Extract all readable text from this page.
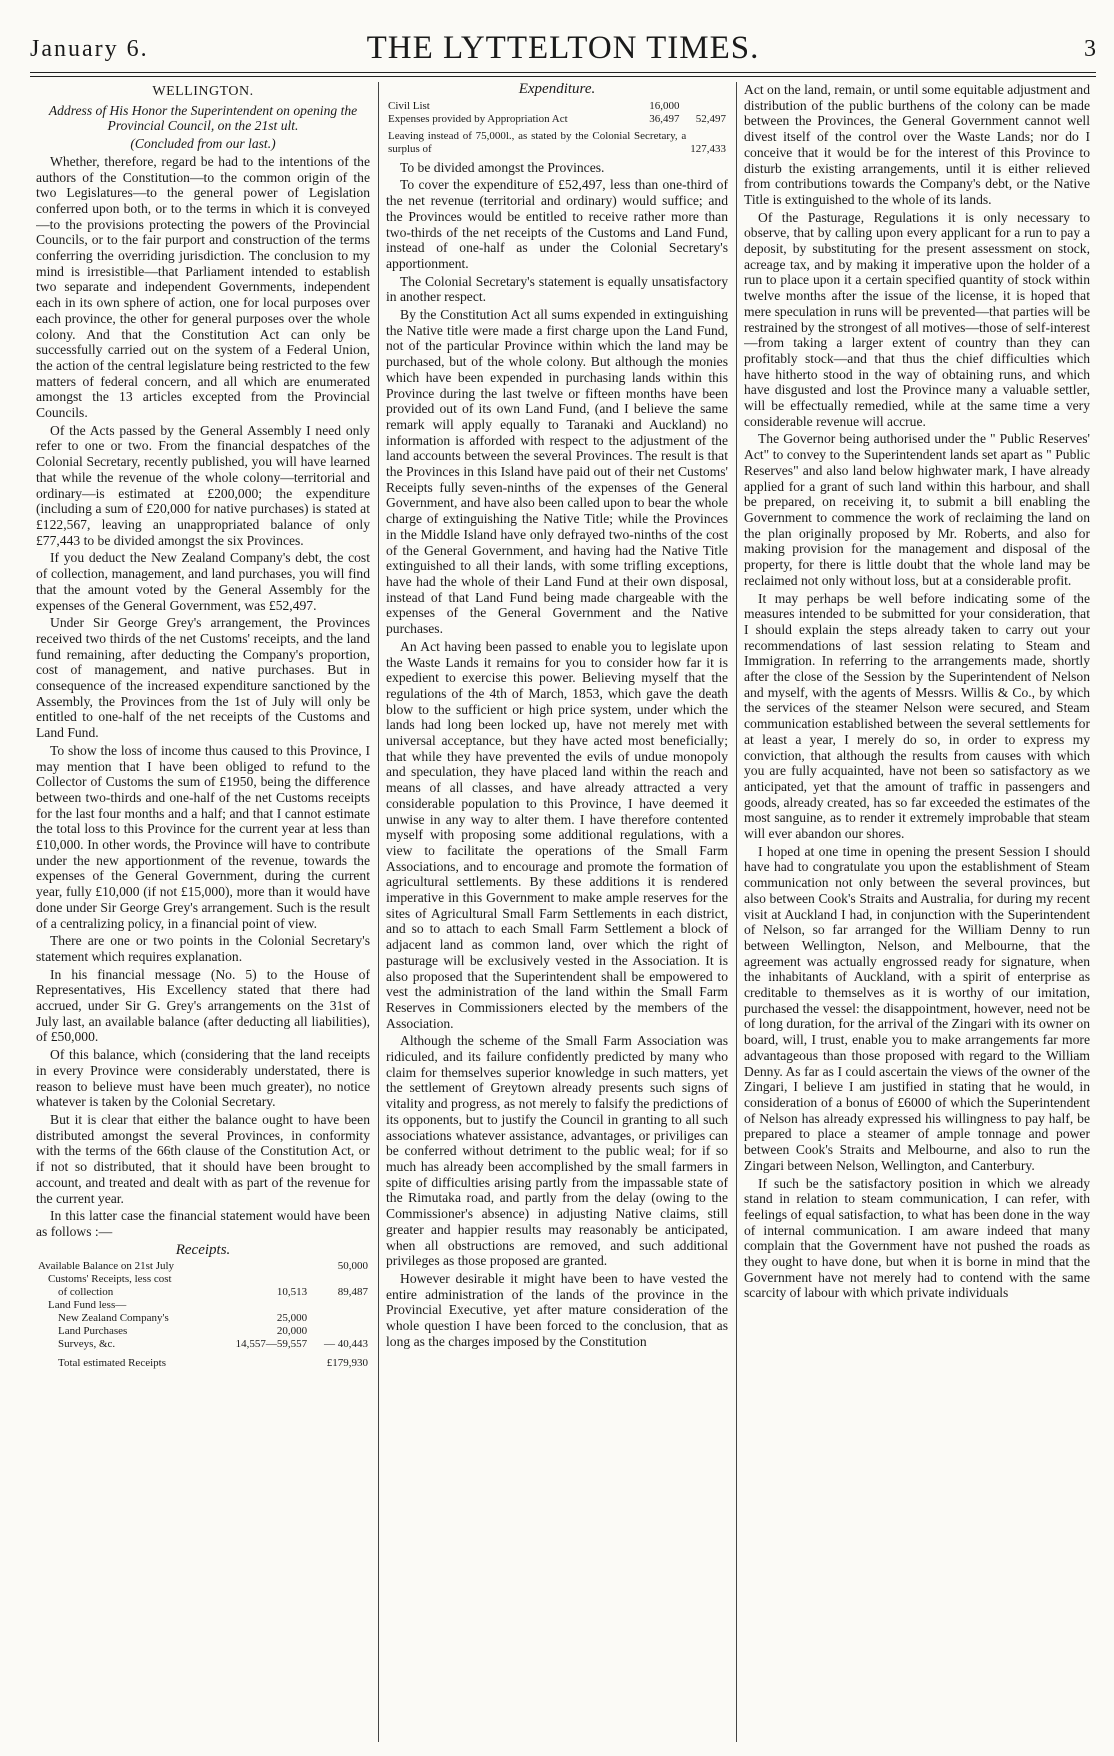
January 6.	THE LYTTELTON TIMES.	3
WELLINGTON.

Address of His Honor the Superintendent on opening the Provincial Council, on the 21st ult.

(Concluded from our last.)

Whether, therefore, regard be had to the intentions of the authors of the Constitution—to the common origin of the two Legislatures—to the general power of Legislation conferred upon both, or to the terms in which it is conveyed—to the provisions protecting the powers of the Provincial Councils, or to the fair purport and construction of the terms conferring the overriding jurisdiction. The conclusion to my mind is irresistible—that Parliament intended to establish two separate and independent Governments, independent each in its own sphere of action, one for local purposes over each province, the other for general purposes over the whole colony. And that the Constitution Act can only be successfully carried out on the system of a Federal Union, the action of the central legislature being restricted to the few matters of federal concern, and all which are enumerated amongst the 13 articles excepted from the Provincial Councils.

Of the Acts passed by the General Assembly I need only refer to one or two. From the financial despatches of the Colonial Secretary, recently published, you will have learned that while the revenue of the whole colony—territorial and ordinary—is estimated at £200,000; the expenditure (including a sum of £20,000 for native purchases) is stated at £122,567, leaving an unappropriated balance of only £77,443 to be divided amongst the six Provinces.

If you deduct the New Zealand Company's debt, the cost of collection, management, and land purchases, you will find that the amount voted by the General Assembly for the expenses of the General Government, was £52,497.

Under Sir George Grey's arrangement, the Provinces received two thirds of the net Customs' receipts, and the land fund remaining, after deducting the Company's proportion, cost of management, and native purchases. But in consequence of the increased expenditure sanctioned by the Assembly, the Provinces from the 1st of July will only be entitled to one-half of the net receipts of the Customs and Land Fund.

To show the loss of income thus caused to this Province, I may mention that I have been obliged to refund to the Collector of Customs the sum of £1950, being the difference between two-thirds and one-half of the net Customs receipts for the last four months and a half; and that I cannot estimate the total loss to this Province for the current year at less than £10,000. In other words, the Province will have to contribute under the new apportionment of the revenue, towards the expenses of the General Government, during the current year, fully £10,000 (if not £15,000), more than it would have done under Sir George Grey's arrangement. Such is the result of a centralizing policy, in a financial point of view.

There are one or two points in the Colonial Secretary's statement which requires explanation.

In his financial message (No. 5) to the House of Representatives, His Excellency stated that there had accrued, under Sir G. Grey's arrangements on the 31st of July last, an available balance (after deducting all liabilities), of £50,000.

Of this balance, which (considering that the land receipts in every Province were considerably understated, there is reason to believe must have been much greater), no notice whatever is taken by the Colonial Secretary.

But it is clear that either the balance ought to have been distributed amongst the several Provinces, in conformity with the terms of the 66th clause of the Constitution Act, or if not so distributed, that it should have been brought to account, and treated and dealt with as part of the revenue for the current year.

In this latter case the financial statement would have been as follows :—

Receipts.
Available Balance on 21st July		50,000
Customs' Receipts, less cost		
of collection	10,513	89,487
Land Fund less—		
New Zealand Company's	25,000	
Land Purchases	20,000	
Surveys, &c.	14,557—59,557	— 40,443
Total estimated Receipts		£179,930
Expenditure.
Civil List	16,000	
Expenses provided by Appropriation Act	36,497	52,497
Leaving instead of 75,000l., as stated by the Colonial Secretary, a surplus of	127,433

To be divided amongst the Provinces.

To cover the expenditure of £52,497, less than one-third of the net revenue (territorial and ordinary) would suffice; and the Provinces would be entitled to receive rather more than two-thirds of the net receipts of the Customs and Land Fund, instead of one-half as under the Colonial Secretary's apportionment.

The Colonial Secretary's statement is equally unsatisfactory in another respect.

By the Constitution Act all sums expended in extinguishing the Native title were made a first charge upon the Land Fund, not of the particular Province within which the land may be purchased, but of the whole colony. But although the monies which have been expended in purchasing lands within this Province during the last twelve or fifteen months have been provided out of its own Land Fund, (and I believe the same remark will apply equally to Taranaki and Auckland) no information is afforded with respect to the adjustment of the land accounts between the several Provinces. The result is that the Provinces in this Island have paid out of their net Customs' Receipts fully seven-ninths of the expenses of the General Government, and have also been called upon to bear the whole charge of extinguishing the Native Title; while the Provinces in the Middle Island have only defrayed two-ninths of the cost of the General Government, and having had the Native Title extinguished to all their lands, with some trifling exceptions, have had the whole of their Land Fund at their own disposal, instead of that Land Fund being made chargeable with the expenses of the General Government and the Native purchases.

An Act having been passed to enable you to legislate upon the Waste Lands it remains for you to consider how far it is expedient to exercise this power. Believing myself that the regulations of the 4th of March, 1853, which gave the death blow to the sufficient or high price system, under which the lands had long been locked up, have not merely met with universal acceptance, but they have acted most beneficially; that while they have prevented the evils of undue monopoly and speculation, they have placed land within the reach and means of all classes, and have already attracted a very considerable population to this Province, I have deemed it unwise in any way to alter them. I have therefore contented myself with proposing some additional regulations, with a view to facilitate the operations of the Small Farm Associations, and to encourage and promote the formation of agricultural settlements. By these additions it is rendered imperative in this Government to make ample reserves for the sites of Agricultural Small Farm Settlements in each district, and so to attach to each Small Farm Settlement a block of adjacent land as common land, over which the right of pasturage will be exclusively vested in the Association. It is also proposed that the Superintendent shall be empowered to vest the administration of the land within the Small Farm Reserves in Commissioners elected by the members of the Association.

Although the scheme of the Small Farm Association was ridiculed, and its failure confidently predicted by many who claim for themselves superior knowledge in such matters, yet the settlement of Greytown already presents such signs of vitality and progress, as not merely to falsify the predictions of its opponents, but to justify the Council in granting to all such associations whatever assistance, advantages, or priviliges can be conferred without detriment to the public weal; for if so much has already been accomplished by the small farmers in spite of difficulties arising partly from the impassable state of the Rimutaka road, and partly from the delay (owing to the Commissioner's absence) in adjusting Native claims, still greater and happier results may reasonably be anticipated, when all obstructions are removed, and such additional privileges as those proposed are granted.

However desirable it might have been to have vested the entire administration of the lands of the province in the Provincial Executive, yet after mature consideration of the whole question I have been forced to the conclusion, that as long as the charges imposed by the Constitution

Act on the land, remain, or until some equitable adjustment and distribution of the public burthens of the colony can be made between the Provinces, the General Government cannot well divest itself of the control over the Waste Lands; nor do I conceive that it would be for the interest of this Province to disturb the existing arrangements, until it is either relieved from contributions towards the Company's debt, or the Native Title is extinguished to the whole of its lands.

Of the Pasturage, Regulations it is only necessary to observe, that by calling upon every applicant for a run to pay a deposit, by substituting for the present assessment on stock, acreage tax, and by making it imperative upon the holder of a run to place upon it a certain specified quantity of stock within twelve months after the issue of the license, it is hoped that mere speculation in runs will be prevented—that parties will be restrained by the strongest of all motives—those of self-interest—from taking a larger extent of country than they can profitably stock—and that thus the chief difficulties which have hitherto stood in the way of obtaining runs, and which have disgusted and lost the Province many a valuable settler, will be effectually remedied, while at the same time a very considerable revenue will accrue.

The Governor being authorised under the " Public Reserves' Act" to convey to the Superintendent lands set apart as " Public Reserves" and also land below highwater mark, I have already applied for a grant of such land within this harbour, and shall be prepared, on receiving it, to submit a bill enabling the Government to commence the work of reclaiming the land on the plan originally proposed by Mr. Roberts, and also for making provision for the management and disposal of the property, for there is little doubt that the whole land may be reclaimed not only without loss, but at a considerable profit.

It may perhaps be well before indicating some of the measures intended to be submitted for your consideration, that I should explain the steps already taken to carry out your recommendations of last session relating to Steam and Immigration. In referring to the arrangements made, shortly after the close of the Session by the Superintendent of Nelson and myself, with the agents of Messrs. Willis & Co., by which the services of the steamer Nelson were secured, and Steam communication established between the several settlements for at least a year, I merely do so, in order to express my conviction, that although the results from causes with which you are fully acquainted, have not been so satisfactory as we anticipated, yet that the amount of traffic in passengers and goods, already created, has so far exceeded the estimates of the most sanguine, as to render it extremely improbable that steam will ever abandon our shores.

I hoped at one time in opening the present Session I should have had to congratulate you upon the establishment of Steam communication not only between the several provinces, but also between Cook's Straits and Australia, for during my recent visit at Auckland I had, in conjunction with the Superintendent of Nelson, so far arranged for the William Denny to run between Wellington, Nelson, and Melbourne, that the agreement was actually engrossed ready for signature, when the inhabitants of Auckland, with a spirit of enterprise as creditable to themselves as it is worthy of our imitation, purchased the vessel: the disappointment, however, need not be of long duration, for the arrival of the Zingari with its owner on board, will, I trust, enable you to make arrangements far more advantageous than those proposed with regard to the William Denny. As far as I could ascertain the views of the owner of the Zingari, I believe I am justified in stating that he would, in consideration of a bonus of £6000 of which the Superintendent of Nelson has already expressed his willingness to pay half, be prepared to place a steamer of ample tonnage and power between Cook's Straits and Melbourne, and also to run the Zingari between Nelson, Wellington, and Canterbury.

If such be the satisfactory position in which we already stand in relation to steam communication, I can refer, with feelings of equal satisfaction, to what has been done in the way of internal communication. I am aware indeed that many complain that the Government have not pushed the roads as they ought to have done, but when it is borne in mind that the Government have not merely had to contend with the same scarcity of labour with which private individuals
